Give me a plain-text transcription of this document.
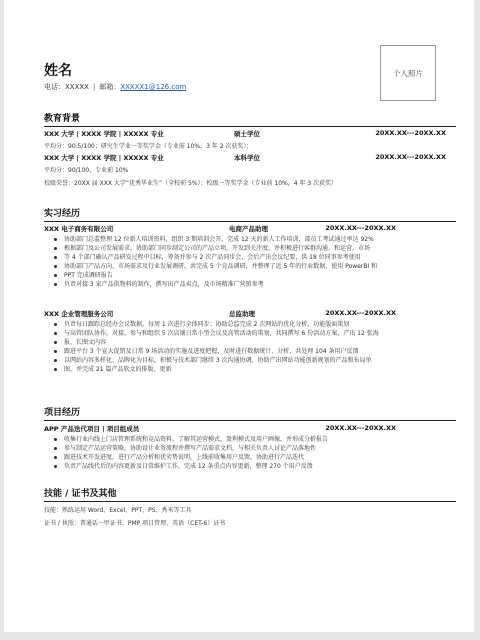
个人照片
姓名
电话：XXXXX | 邮箱：XXXXX1@126.com
教育背景
XXX 大学 | XXXX 学院 | XXXXX 专业	硕士学位	20XX.XX---20XX.XX
平均分：90.5/100；研究生学业一等奖学金（专业前 10%，3 年 2 次获奖）；
XXX 大学 | XXXX 学院 | XXXXX 专业	本科学位	20XX.XX---20XX.XX
平均分：90/100，专业前 10%
校级荣誉：20XX 届 XXX 大学“优秀毕业生”（全校前 5%）；校级一等奖学金（专业前 10%，4 年 3 次获奖）
实习经历
XXX 电子商务有限公司	电商产品助理	20XX.XX---20XX.XX
协助部门总监整理 12 位新人培训资料，组织 3 期培训会开，完成 12 天的新人工作培训，部员工考试通过率达 92%
根据部门及公司发展需求，协助部门同步制定公司的产品立项，开发到关注度，并积极进行客群沟通、和运营，市场
等 4 个部门确认产品研发过程中目标，筹备并参与 2 次产品同步会，会后产出会议纪要，供 18 位同事参考使用
协助部门产品方向、市场需求及行业发展调研，共完成 5 个竞品调研，并整理了近 5 年的行业数据，使用 PowerBI 和
PPT 完成调研报告
负责对接 3 家产品供物料的制作，撰写出产品卖点，及市场精准广营销参考
XXX 企业管理服务公司	总监助理	20XX.XX---20XX.XX
负责每日跟踪总经办会议数据，每周 1 次进行全体同步；协助总监完成 2 次网站的优化分析，功能版面策划
与高管团队协作，对接，参与和组织 5 次店铺日常小型会议及高管活动的策划，共同撰写 6 份活动方案，产出 12 张海
报，长图文内容
跟进平台 3 个宣大促销及日常 9 场活动的实施及进度把握，及时进行数据统计、分析，共处理 104 条用户反馈
以网站内容多样化、品牌化为目标，积极与技术部门继续 3 次沟通协调，协助产出网站功能创新规划的产品和布局单
图，并完成 21 篇产品软文的排版、更新
项目经历
APP 产品迭代项目 | 项目组成员	20XX.XX---20XX.XX
收集行业内线上门店管理系统和竞品资料，了解其运营模式，盈利模式及用户画像，并形成分析报告
参与制定产品运营策略，协助设计业务流程并撰写产品需求文档，与相关负责人讨论产品落地性
跟进技术开发进度，进行产品分析和优劣势说明，上线前收集用户反馈，协助进行产品迭代
负责产品线代后的内容更新及日常维护工作，完成 12 条重点内容更新，整理 270 个用户反馈
技能 / 证书及其他
技能：熟练运用 Word、Excel、PPT、PS、秀米等工具
证书 / 执照：普通话一甲证书、PMP 项目管理、英语（CET-6）证书
